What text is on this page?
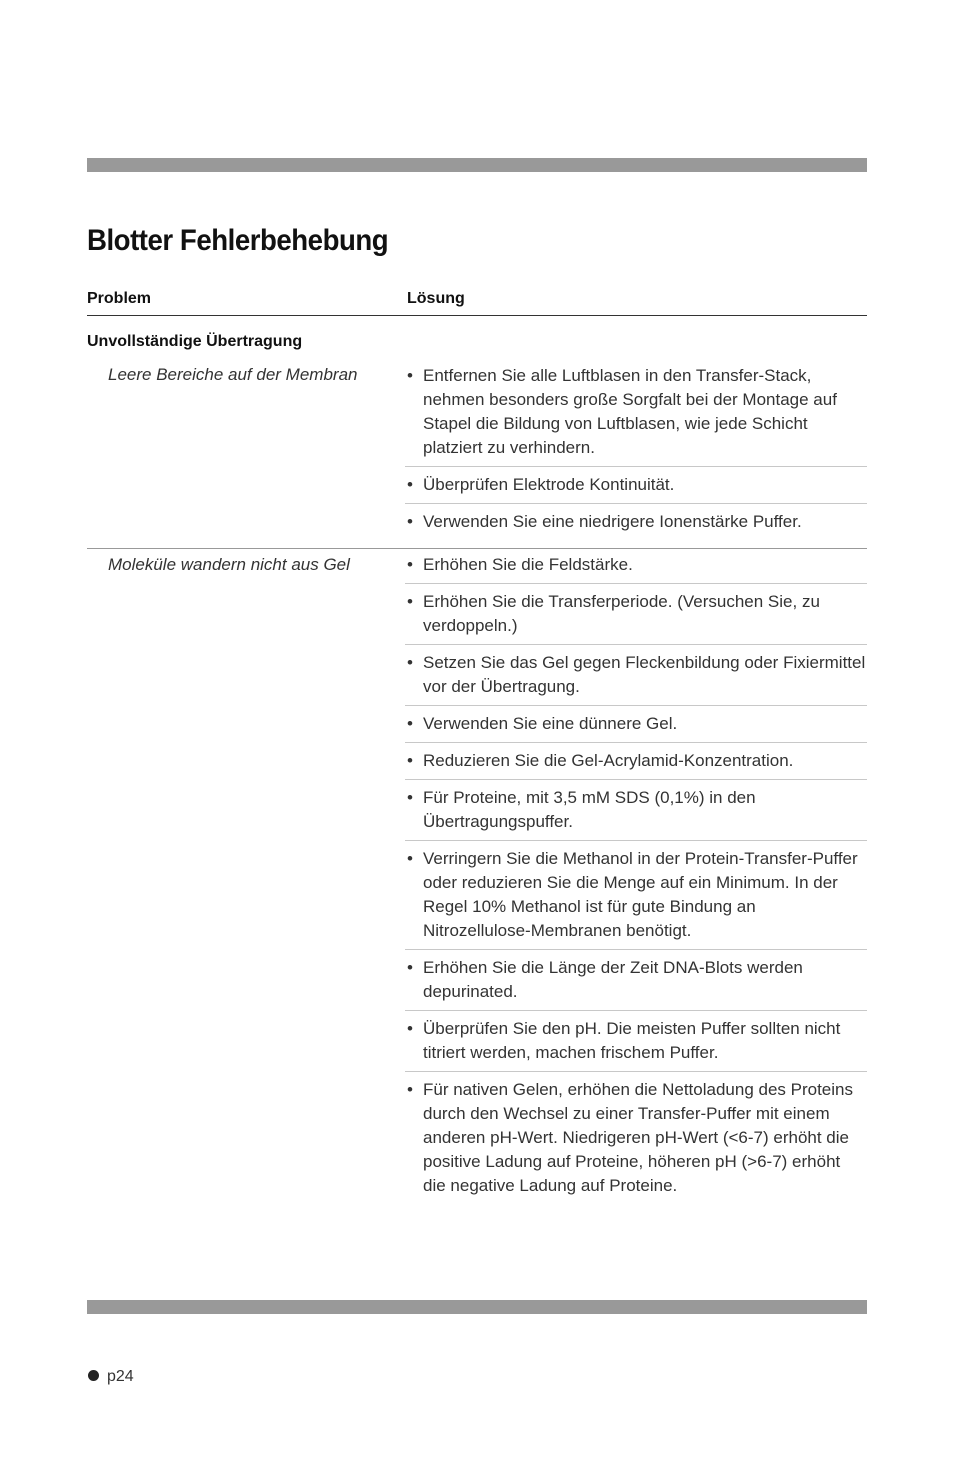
Blotter Fehlerbehebung
Problem	Lösung
Unvollständige Übertragung
Leere Bereiche auf der Membran	• Entfernen Sie alle Luftblasen in den Transfer-Stack, nehmen besonders große Sorgfalt bei der Montage auf Stapel die Bildung von Luftblasen, wie jede Schicht platziert zu verhindern.
• Überprüfen Elektrode Kontinuität.
• Verwenden Sie eine niedrigere Ionenstärke Puffer.
Moleküle wandern nicht aus Gel	• Erhöhen Sie die Feldstärke.
• Erhöhen Sie die Transferperiode. (Versuchen Sie, zu verdoppeln.)
• Setzen Sie das Gel gegen Fleckenbildung oder Fixiermittel vor der Übertragung.
• Verwenden Sie eine dünnere Gel.
• Reduzieren Sie die Gel-Acrylamid-Konzentration.
• Für Proteine, mit 3,5 mM SDS (0,1%) in den Übertragungspuffer.
• Verringern Sie die Methanol in der Protein-Transfer-Puffer oder reduzieren Sie die Menge auf ein Minimum. In der Regel 10% Methanol ist für gute Bindung an Nitrozellulose-Membranen benötigt.
• Erhöhen Sie die Länge der Zeit DNA-Blots werden depurinated.
• Überprüfen Sie den pH. Die meisten Puffer sollten nicht titriert werden, machen frischem Puffer.
• Für nativen Gelen, erhöhen die Nettoladung des Proteins durch den Wechsel zu einer Transfer-Puffer mit einem anderen pH-Wert. Niedrigeren pH-Wert (<6-7) erhöht die positive Ladung auf Proteine, höheren pH (>6-7) erhöht die negative Ladung auf Proteine.
p24
